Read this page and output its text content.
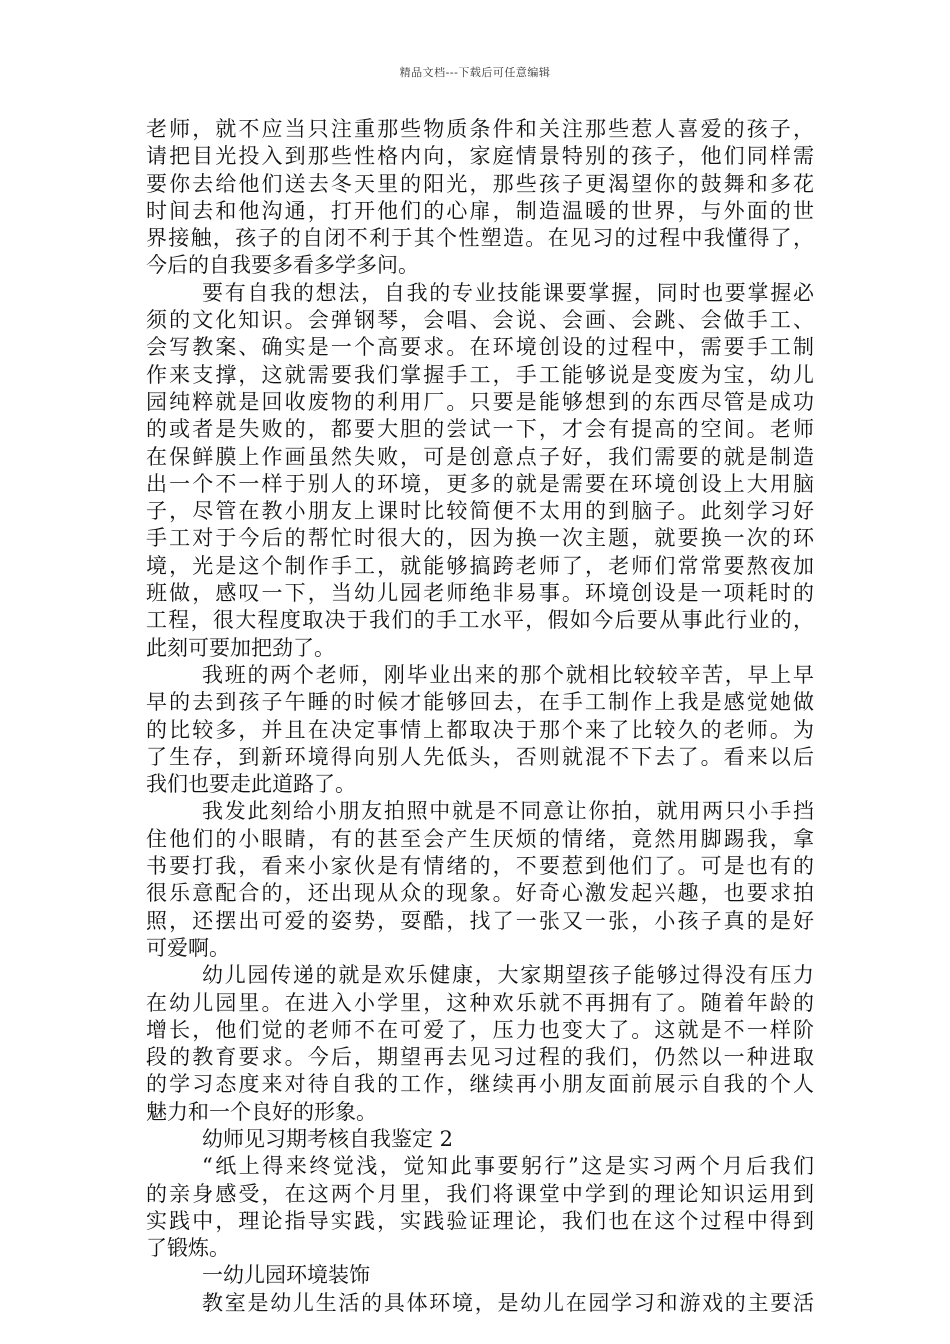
精品文档---下载后可任意编辑
老师，就不应当只注重那些物质条件和关注那些惹人喜爱的孩子，
请把目光投入到那些性格内向，家庭情景特别的孩子，他们同样需
要你去给他们送去冬天里的阳光，那些孩子更渴望你的鼓舞和多花
时间去和他沟通，打开他们的心扉，制造温暖的世界，与外面的世
界接触，孩子的自闭不利于其个性塑造。在见习的过程中我懂得了，
今后的自我要多看多学多问。
要有自我的想法，自我的专业技能课要掌握，同时也要掌握必
须的文化知识。会弹钢琴，会唱、会说、会画、会跳、会做手工、
会写教案、确实是一个高要求。在环境创设的过程中，需要手工制
作来支撑，这就需要我们掌握手工，手工能够说是变废为宝，幼儿
园纯粹就是回收废物的利用厂。只要是能够想到的东西尽管是成功
的或者是失败的，都要大胆的尝试一下，才会有提高的空间。老师
在保鲜膜上作画虽然失败，可是创意点子好，我们需要的就是制造
出一个不一样于别人的环境，更多的就是需要在环境创设上大用脑
子，尽管在教小朋友上课时比较简便不太用的到脑子。此刻学习好
手工对于今后的帮忙时很大的，因为换一次主题，就要换一次的环
境，光是这个制作手工，就能够搞跨老师了，老师们常常要熬夜加
班做，感叹一下，当幼儿园老师绝非易事。环境创设是一项耗时的
工程，很大程度取决于我们的手工水平，假如今后要从事此行业的，
此刻可要加把劲了。
我班的两个老师，刚毕业出来的那个就相比较较辛苦，早上早
早的去到孩子午睡的时候才能够回去，在手工制作上我是感觉她做
的比较多，并且在决定事情上都取决于那个来了比较久的老师。为
了生存，到新环境得向别人先低头，否则就混不下去了。看来以后
我们也要走此道路了。
我发此刻给小朋友拍照中就是不同意让你拍，就用两只小手挡
住他们的小眼睛，有的甚至会产生厌烦的情绪，竟然用脚踢我，拿
书要打我，看来小家伙是有情绪的，不要惹到他们了。可是也有的
很乐意配合的，还出现从众的现象。好奇心激发起兴趣，也要求拍
照，还摆出可爱的姿势，耍酷，找了一张又一张，小孩子真的是好
可爱啊。
幼儿园传递的就是欢乐健康，大家期望孩子能够过得没有压力
在幼儿园里。在进入小学里，这种欢乐就不再拥有了。随着年龄的
增长，他们觉的老师不在可爱了，压力也变大了。这就是不一样阶
段的教育要求。今后，期望再去见习过程的我们，仍然以一种进取
的学习态度来对待自我的工作，继续再小朋友面前展示自我的个人
魅力和一个良好的形象。
幼师见习期考核自我鉴定 2
“纸上得来终觉浅，觉知此事要躬行”这是实习两个月后我们
的亲身感受，在这两个月里，我们将课堂中学到的理论知识运用到
实践中，理论指导实践，实践验证理论，我们也在这个过程中得到
了锻炼。
一幼儿园环境装饰
教室是幼儿生活的具体环境，是幼儿在园学习和游戏的主要活
